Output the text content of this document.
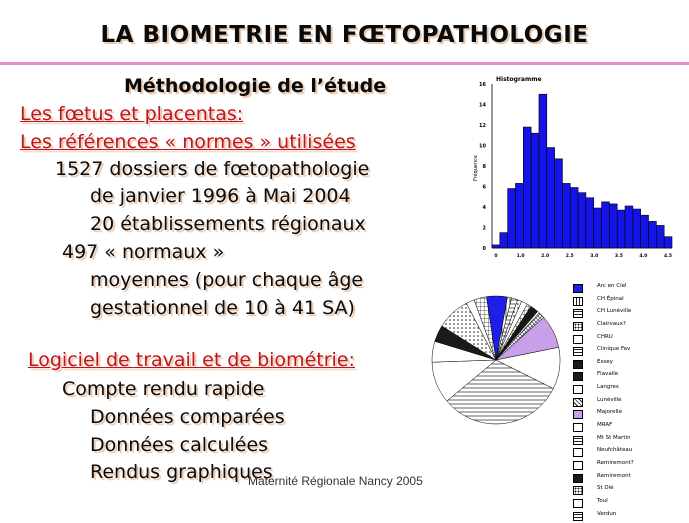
LA BIOMETRIE EN FŒTOPATHOLOGIE
Méthodologie de l’étude
Les fœtus et placentas:
Les références « normes » utilisées
1527 dossiers de fœtopathologie
de janvier 1996 à Mai 2004
20 établissements régionaux
497 « normaux »
moyennes (pour chaque âge
gestationnel de 10 à 41 SA)
Logiciel de travail et de biométrie:
Compte rendu rapide
Données comparées
Données calculées
Rendus graphiques
Maternité Régionale Nancy 2005
Histogramme
Fréquence
0
2
4
6
8
10
12
14
16
0	1.0	2.0	2.5	3.0	3.5	4.0	4.5
Arc en Ciel
CH Épinal
CH Lunéville
Clairvaux?
CHRU
Clinique Fav
Essey
Flavalle
Langres
Lunéville
Majorelle
MRAF
Mt St Martin
Neufchâteau
Remiremont?
Remiremont
St Dié
Toul
Verdun
